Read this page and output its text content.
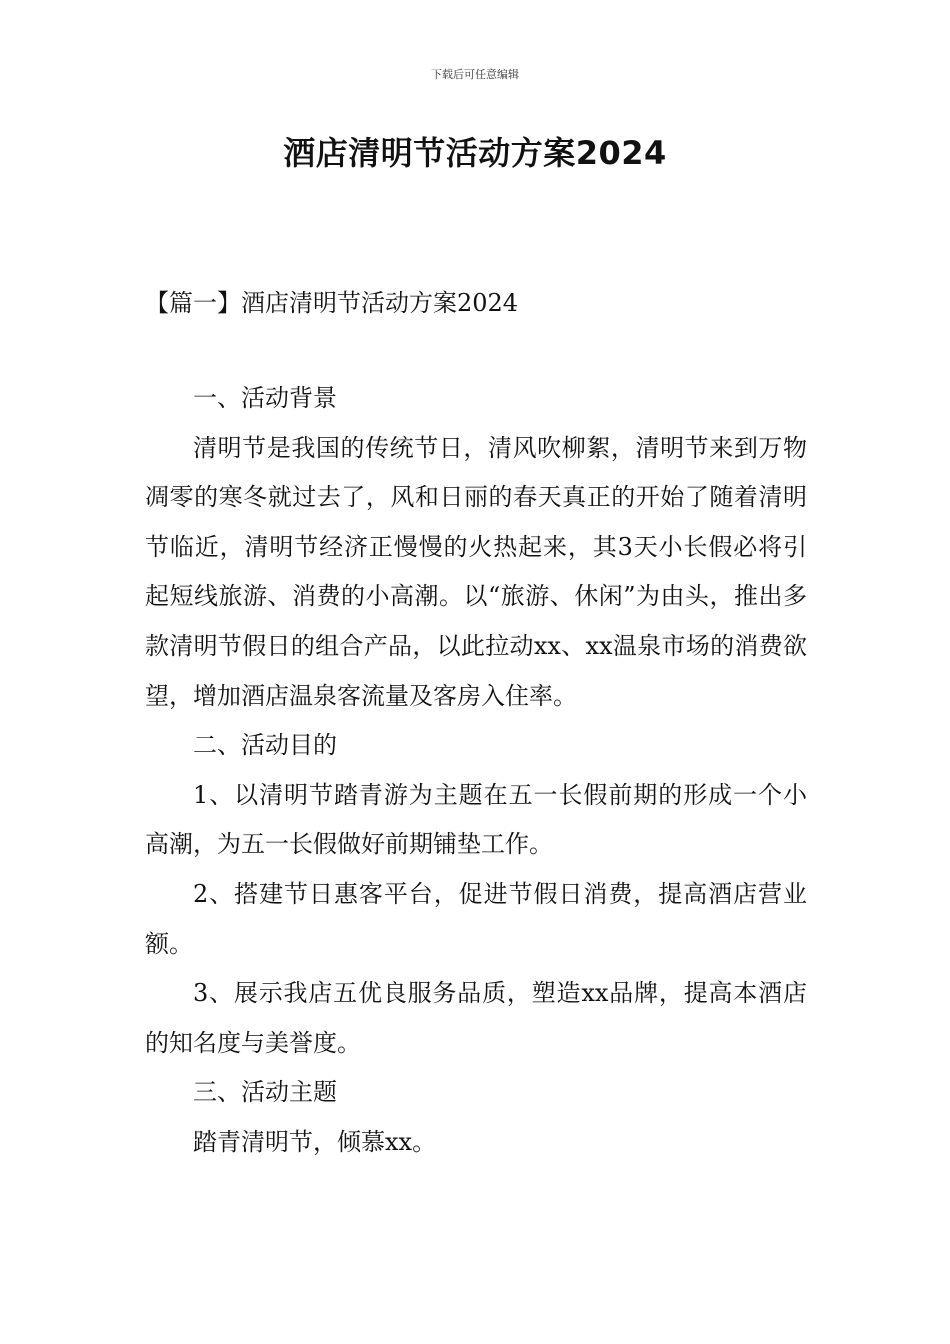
下载后可任意编辑
酒店清明节活动方案2024
【篇一】酒店清明节活动方案2024

一、活动背景

清明节是我国的传统节日，清风吹柳絮，清明节来到万物凋零的寒冬就过去了，风和日丽的春天真正的开始了随着清明节临近，清明节经济正慢慢的火热起来，其3天小长假必将引起短线旅游、消费的小高潮。以“旅游、休闲”为由头，推出多款清明节假日的组合产品，以此拉动xx、xx温泉市场的消费欲望，增加酒店温泉客流量及客房入住率。

二、活动目的

1、以清明节踏青游为主题在五一长假前期的形成一个小高潮，为五一长假做好前期铺垫工作。

2、搭建节日惠客平台，促进节假日消费，提高酒店营业额。

3、展示我店五优良服务品质，塑造xx品牌，提高本酒店的知名度与美誉度。

三、活动主题

踏青清明节，倾慕xx。
